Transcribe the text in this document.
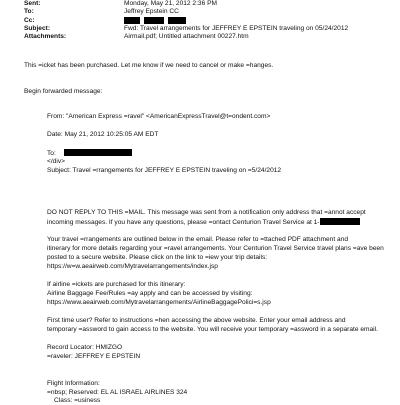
Sent:	Monday, May 21, 2012 2:36 PM
To:	Jeffrey Epstein CC
Cc:

Subject:	Fwd: Travel arrangements for JEFFREY E EPSTEIN traveling on 05/24/2012
Attachments:	Airmail.pdf; Untitled attachment 00227.htm
This =icket has been purchased. Let me know if we need to cancel or make =hanges.
Begin forwarded message:
From: "American Express =ravel" <AmericanExpressTravel@t=ondent.com>
Date: May 21, 2012 10:25:05 AM EDT
To:
</div>
Subject: Travel =rrangements for JEFFREY E EPSTEIN traveling on =5/24/2012
DO NOT REPLY TO THIS =MAIL. This message was sent from a notification only address that =annot accept
incoming messages. If you have any questions, please =ontact Centurion Travel Service at 1-
Your travel =rrangements are outlined below in the email. Please refer to =ttached PDF attachment and
itinerary for more details regarding your =ravel arrangements. Your Centurion Travel Service travel plans =ave been
posted to a secure website. Please click on the link to =iew your trip details:
https://w=w.aeairweb.com/Mytravelarrangements/index.jsp
If airline =ickets are purchased for this itinerary:
Airline Baggage Fee/Rules =ay apply and can be accessed by visiting:
https://www.aeairweb.com/Mytravelarrangements/AirlineBaggagePolici=s.jsp
First time user? Refer to instructions =hen accessing the above website. Enter your email address and
temporary =assword to gain access to the website. You will receive your temporary =assword in a separate email.
Record Locator: HMIZGO
=raveler: JEFFREY E EPSTEIN
Flight Information:
=nbsp; Reserved: EL AL ISRAEL AIRLINES 324
Class: =usiness
